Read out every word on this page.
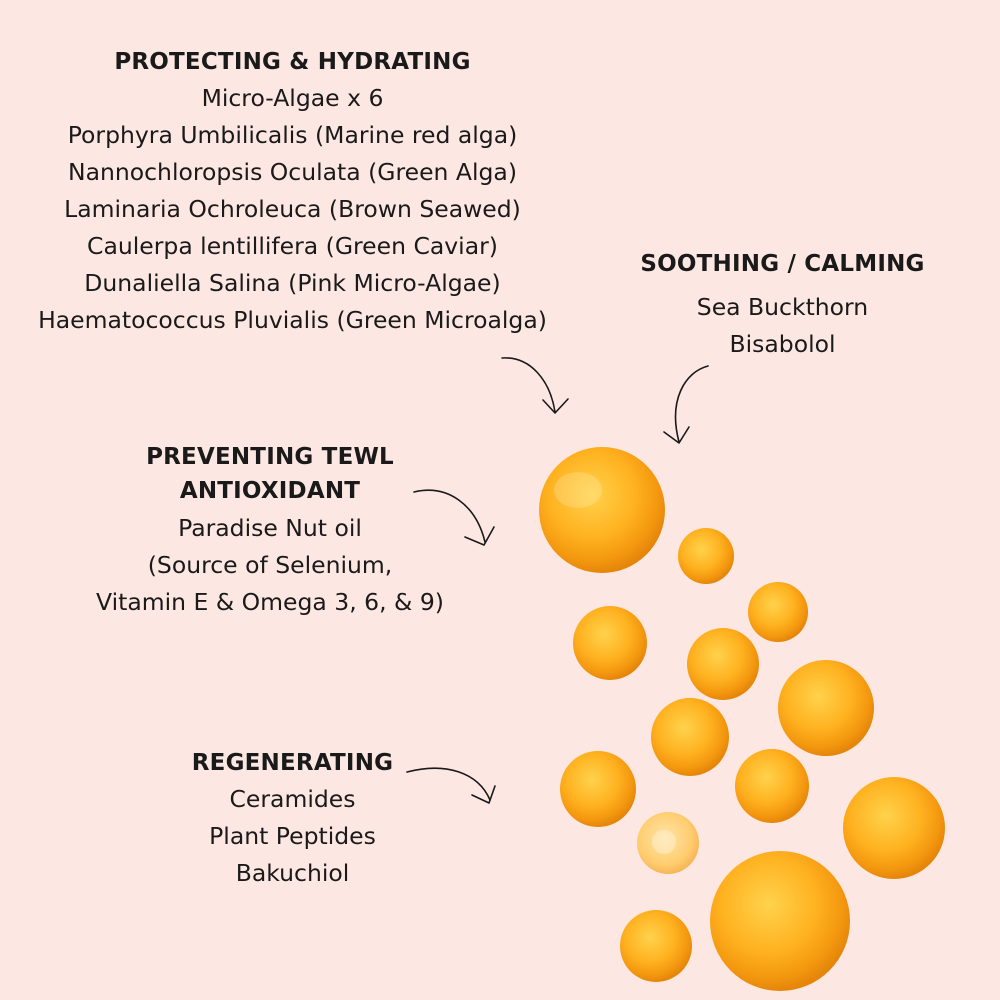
PROTECTING & HYDRATING

Micro-Algae x 6

Porphyra Umbilicalis (Marine red alga)

Nannochloropsis Oculata (Green Alga)

Laminaria Ochroleuca (Brown Seawed)

Caulerpa lentillifera (Green Caviar)

Dunaliella Salina (Pink Micro-Algae)

Haematococcus Pluvialis (Green Microalga)

SOOTHING / CALMING

Sea Buckthorn

Bisabolol

PREVENTING TEWL

ANTIOXIDANT

Paradise Nut oil

(Source of Selenium,

Vitamin E & Omega 3, 6, & 9)

REGENERATING

Ceramides

Plant Peptides

Bakuchiol
